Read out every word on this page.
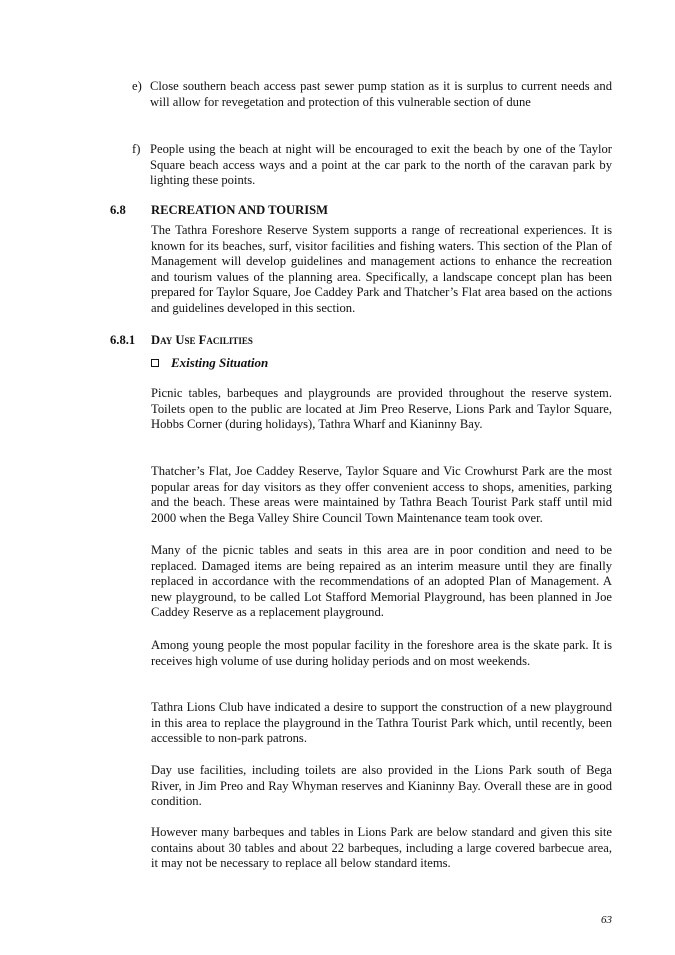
e) Close southern beach access past sewer pump station as it is surplus to current needs and will allow for revegetation and protection of this vulnerable section of dune
f) People using the beach at night will be encouraged to exit the beach by one of the Taylor Square beach access ways and a point at the car park to the north of the caravan park by lighting these points.
6.8 RECREATION AND TOURISM

The Tathra Foreshore Reserve System supports a range of recreational experiences. It is known for its beaches, surf, visitor facilities and fishing waters. This section of the Plan of Management will develop guidelines and management actions to enhance the recreation and tourism values of the planning area. Specifically, a landscape concept plan has been prepared for Taylor Square, Joe Caddey Park and Thatcher’s Flat area based on the actions and guidelines developed in this section.

6.8.1 Day Use Facilities
Existing Situation

Picnic tables, barbeques and playgrounds are provided throughout the reserve system. Toilets open to the public are located at Jim Preo Reserve, Lions Park and Taylor Square, Hobbs Corner (during holidays), Tathra Wharf and Kianinny Bay.

Thatcher’s Flat, Joe Caddey Reserve, Taylor Square and Vic Crowhurst Park are the most popular areas for day visitors as they offer convenient access to shops, amenities, parking and the beach. These areas were maintained by Tathra Beach Tourist Park staff until mid 2000 when the Bega Valley Shire Council Town Maintenance team took over.

Many of the picnic tables and seats in this area are in poor condition and need to be replaced. Damaged items are being repaired as an interim measure until they are finally replaced in accordance with the recommendations of an adopted Plan of Management. A new playground, to be called Lot Stafford Memorial Playground, has been planned in Joe Caddey Reserve as a replacement playground.

Among young people the most popular facility in the foreshore area is the skate park. It is receives high volume of use during holiday periods and on most weekends.

Tathra Lions Club have indicated a desire to support the construction of a new playground in this area to replace the playground in the Tathra Tourist Park which, until recently, been accessible to non-park patrons.

Day use facilities, including toilets are also provided in the Lions Park south of Bega River, in Jim Preo and Ray Whyman reserves and Kianinny Bay. Overall these are in good condition.

However many barbeques and tables in Lions Park are below standard and given this site contains about 30 tables and about 22 barbeques, including a large covered barbecue area, it may not be necessary to replace all below standard items.

63
